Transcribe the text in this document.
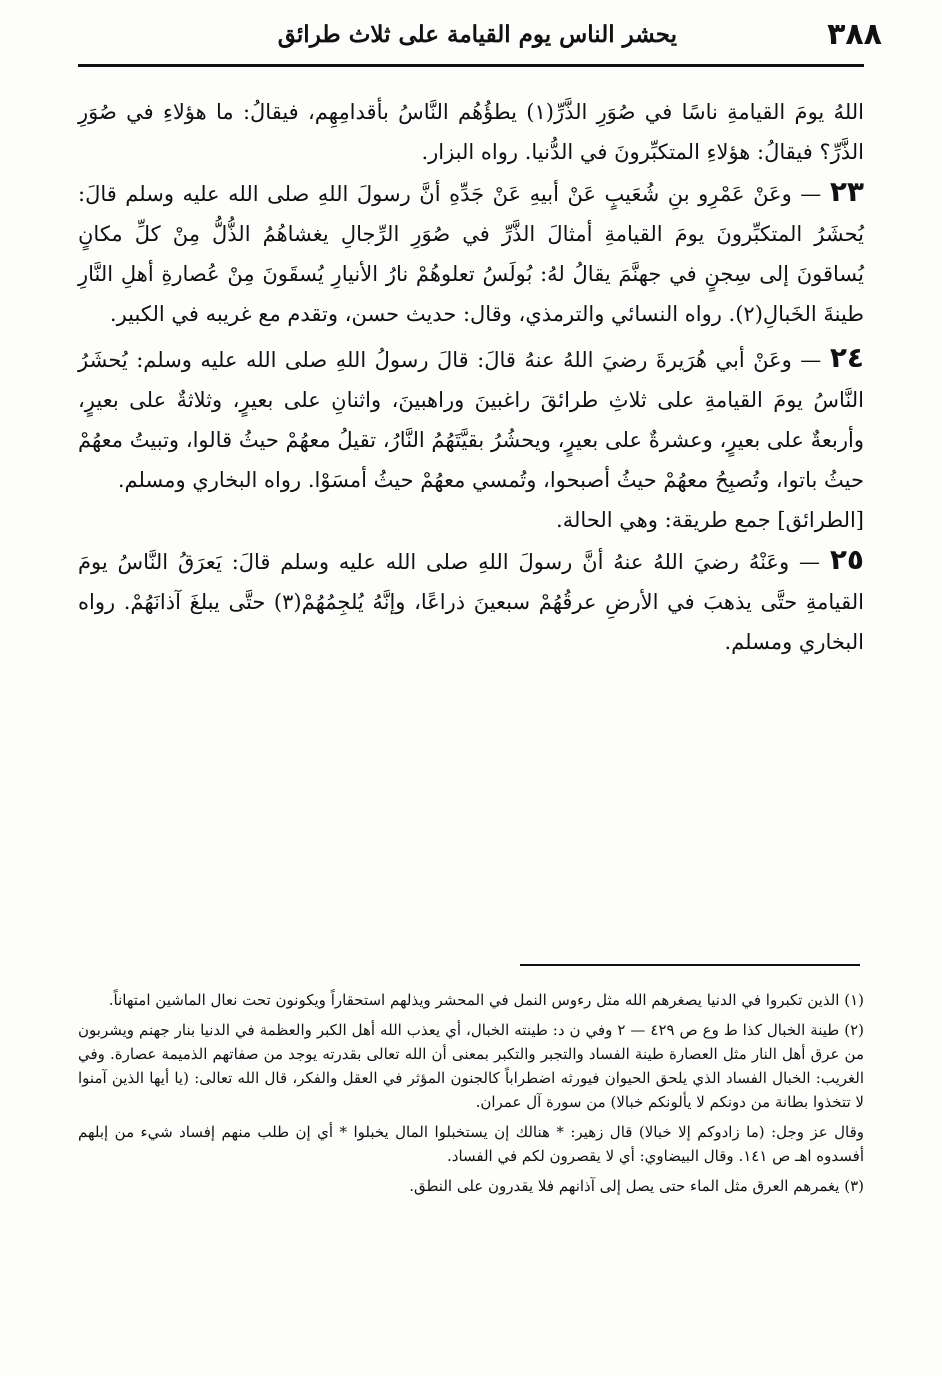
٣٨٨
يحشر الناس يوم القيامة على ثلاث طرائق

اللهُ يومَ القيامةِ ناسًا في صُوَرِ الذَّرِّ(١) يطؤُهُم النَّاسُ بأقدامِهِم، فيقالُ: ما هؤلاءِ في صُوَرِ الذَّرِّ؟ فيقالُ: هؤلاءِ المتكبِّرونَ في الدُّنيا. رواه البزار.

٢٣ — وعَنْ عَمْرِو بنِ شُعَيبٍ عَنْ أبيهِ عَنْ جَدِّهِ أنَّ رسولَ اللهِ صلى الله عليه وسلم قالَ: يُحشَرُ المتكبِّرونَ يومَ القيامةِ أمثالَ الذَّرِّ في صُوَرِ الرِّجالِ يغشاهُمُ الذُّلُّ مِنْ كلِّ مكانٍ يُساقونَ إلى سِجنٍ في جهنَّمَ يقالُ لهُ: بُولَسُ تعلوهُمْ نارُ الأنيارِ يُسقَونَ مِنْ عُصارةِ أهلِ النَّارِ طينةَ الخَبالِ(٢). رواه النسائي والترمذي، وقال: حديث حسن، وتقدم مع غريبه في الكبير.

٢٤ — وعَنْ أبي هُرَيرةَ رضيَ اللهُ عنهُ قالَ: قالَ رسولُ اللهِ صلى الله عليه وسلم: يُحشَرُ النَّاسُ يومَ القيامةِ على ثلاثِ طرائقَ راغبينَ وراهبينَ، واثنانِ على بعيرٍ، وثلاثةٌ على بعيرٍ، وأربعةٌ على بعيرٍ، وعشرةٌ على بعيرٍ، ويحشُرُ بقيَّتَهُمُ النَّارُ، تقيلُ معهُمْ حيثُ قالوا، وتبيتُ معهُمْ حيثُ باتوا، وتُصبِحُ معهُمْ حيثُ أصبحوا، وتُمسي معهُمْ حيثُ أمسَوْا. رواه البخاري ومسلم.

[الطرائق] جمع طريقة: وهي الحالة.

٢٥ — وعَنْهُ رضيَ اللهُ عنهُ أنَّ رسولَ اللهِ صلى الله عليه وسلم قالَ: يَعرَقُ النَّاسُ يومَ القيامةِ حتَّى يذهبَ في الأرضِ عرقُهُمْ سبعينَ ذراعًا، وإنَّهُ يُلجِمُهُمْ(٣) حتَّى يبلغَ آذانَهُمْ. رواه البخاري ومسلم.

(١) الذين تكبروا في الدنيا يصغرهم الله مثل رءوس النمل في المحشر ويذلهم استحقاراً ويكونون تحت نعال الماشين امتهاناً.

(٢) طينة الخبال كذا ط وع ص ٤٢٩ — ٢ وفي ن د: طينته الخبال، أي يعذب الله أهل الكبر والعظمة في الدنيا بنار جهنم ويشربون من عرق أهل النار مثل العصارة طينة الفساد والتجبر والتكبر بمعنى أن الله تعالى بقدرته يوجد من صفاتهم الذميمة عصارة. وفي الغريب: الخبال الفساد الذي يلحق الحيوان فيورثه اضطراباً كالجنون المؤثر في العقل والفكر، قال الله تعالى: (يا أيها الذين آمنوا لا تتخذوا بطانة من دونكم لا يألونكم خبالا) من سورة آل عمران.

وقال عز وجل: (ما زادوكم إلا خبالا) قال زهير: * هنالك إن يستخبلوا المال يخبلوا * أي إن طلب منهم إفساد شيء من إبلهم أفسدوه اهـ ص ١٤١. وقال البيضاوي: أي لا يقصرون لكم في الفساد.

(٣) يغمرهم العرق مثل الماء حتى يصل إلى آذانهم فلا يقدرون على النطق.
